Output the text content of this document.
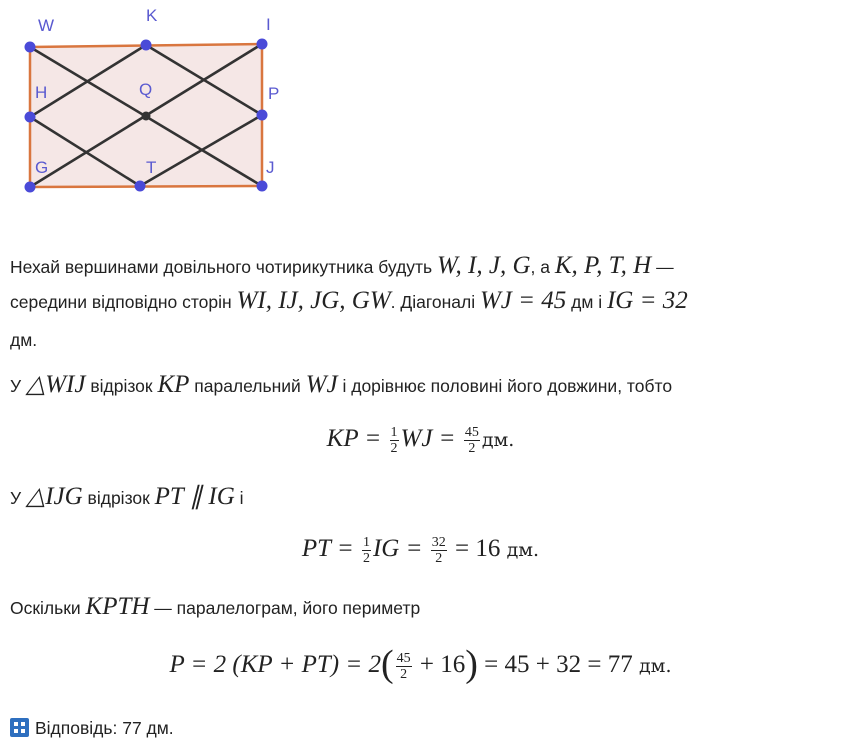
W
K	I
H	Q	P
G	T	J
Нехай вершинами довільного чотирикутника будуть W, I, J, G, а K, P, T, H —
середини відповідно сторін WI, IJ, JG, GW. Діагоналі WJ = 45 дм і IG = 32
дм.
У △WIJ відрізок KP паралельний WJ і дорівнює половині його довжини, тобто
KP = $\frac{1}{2}$ WJ = $\frac{45}{2}$ дм.
У △IJG відрізок PT ∥ IG і
PT = $\frac{1}{2}$ IG = $\frac{32}{2} = 16$ дм.
Оскільки KPTH — паралелограм, його периметр
P = 2 $(KP + PT) = 2( \frac{45}{2} + 16) = 45 + 32 = 77$ дм.
Відповідь: 77 дм.
